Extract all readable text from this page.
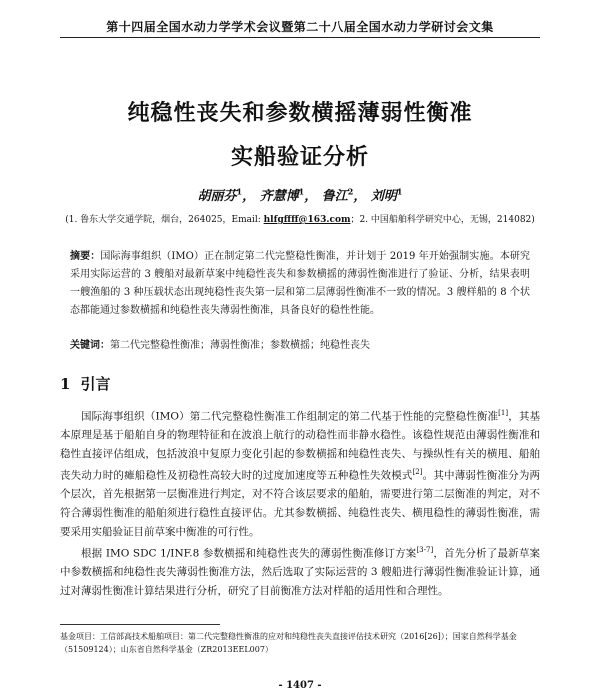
第十四届全国水动力学学术会议暨第二十八届全国水动力学研讨会文集
纯稳性丧失和参数横摇薄弱性衡准
实船验证分析
胡丽芬$^1$， 齐慧博$^1$， 鲁江$^2$， 刘明$^1$
(1. 鲁东大学交通学院，烟台，264025，Email: hlfgffff@163.com；2. 中国船舶科学研究中心，无锡，214082)
摘要：国际海事组织（IMO）正在制定第二代完整稳性衡准，并计划于 2019 年开始强制实施。本研究采用实际运营的 3 艘船对最新草案中纯稳性丧失和参数横摇的薄弱性衡准进行了验证、分析，结果表明一艘渔船的 3 种压载状态出现纯稳性丧失第一层和第二层薄弱性衡准不一致的情况。3 艘样船的 8 个状态都能通过参数横摇和纯稳性丧失薄弱性衡准，具备良好的稳性性能。
关键词：第二代完整稳性衡准；薄弱性衡准；参数横摇；纯稳性丧失
1 引言

国际海事组织（IMO）第二代完整稳性衡准工作组制定的第二代基于性能的完整稳性衡准[1]，其基本原理是基于船舶自身的物理特征和在波浪上航行的动稳性而非静水稳性。该稳性规范由薄弱性衡准和稳性直接评估组成，包括波浪中复原力变化引起的参数横摇和纯稳性丧失、与操纵性有关的横甩、船舶丧失动力时的瘫船稳性及初稳性高较大时的过度加速度等五种稳性失效模式[2]。其中薄弱性衡准分为两个层次，首先根据第一层衡准进行判定，对不符合该层要求的船舶，需要进行第二层衡准的判定，对不符合薄弱性衡准的船舶须进行稳性直接评估。尤其参数横摇、纯稳性丧失、横甩稳性的薄弱性衡准，需要采用实船验证目前草案中衡准的可行性。

根据 IMO SDC 1/INF.8 参数横摇和纯稳性丧失的薄弱性衡准修订方案[3-7]，首先分析了最新草案中参数横摇和纯稳性丧失薄弱性衡准方法，然后选取了实际运营的 3 艘船进行薄弱性衡准验证计算，通过对薄弱性衡准计算结果进行分析，研究了目前衡准方法对样船的适用性和合理性。

基金项目：工信部高技术船舶项目：第二代完整稳性衡准的应对和纯稳性丧失直接评估技术研究（2016[26]）；国家自然科学基金（51509124）；山东省自然科学基金（ZR2013EEL007）
- 1407 -
